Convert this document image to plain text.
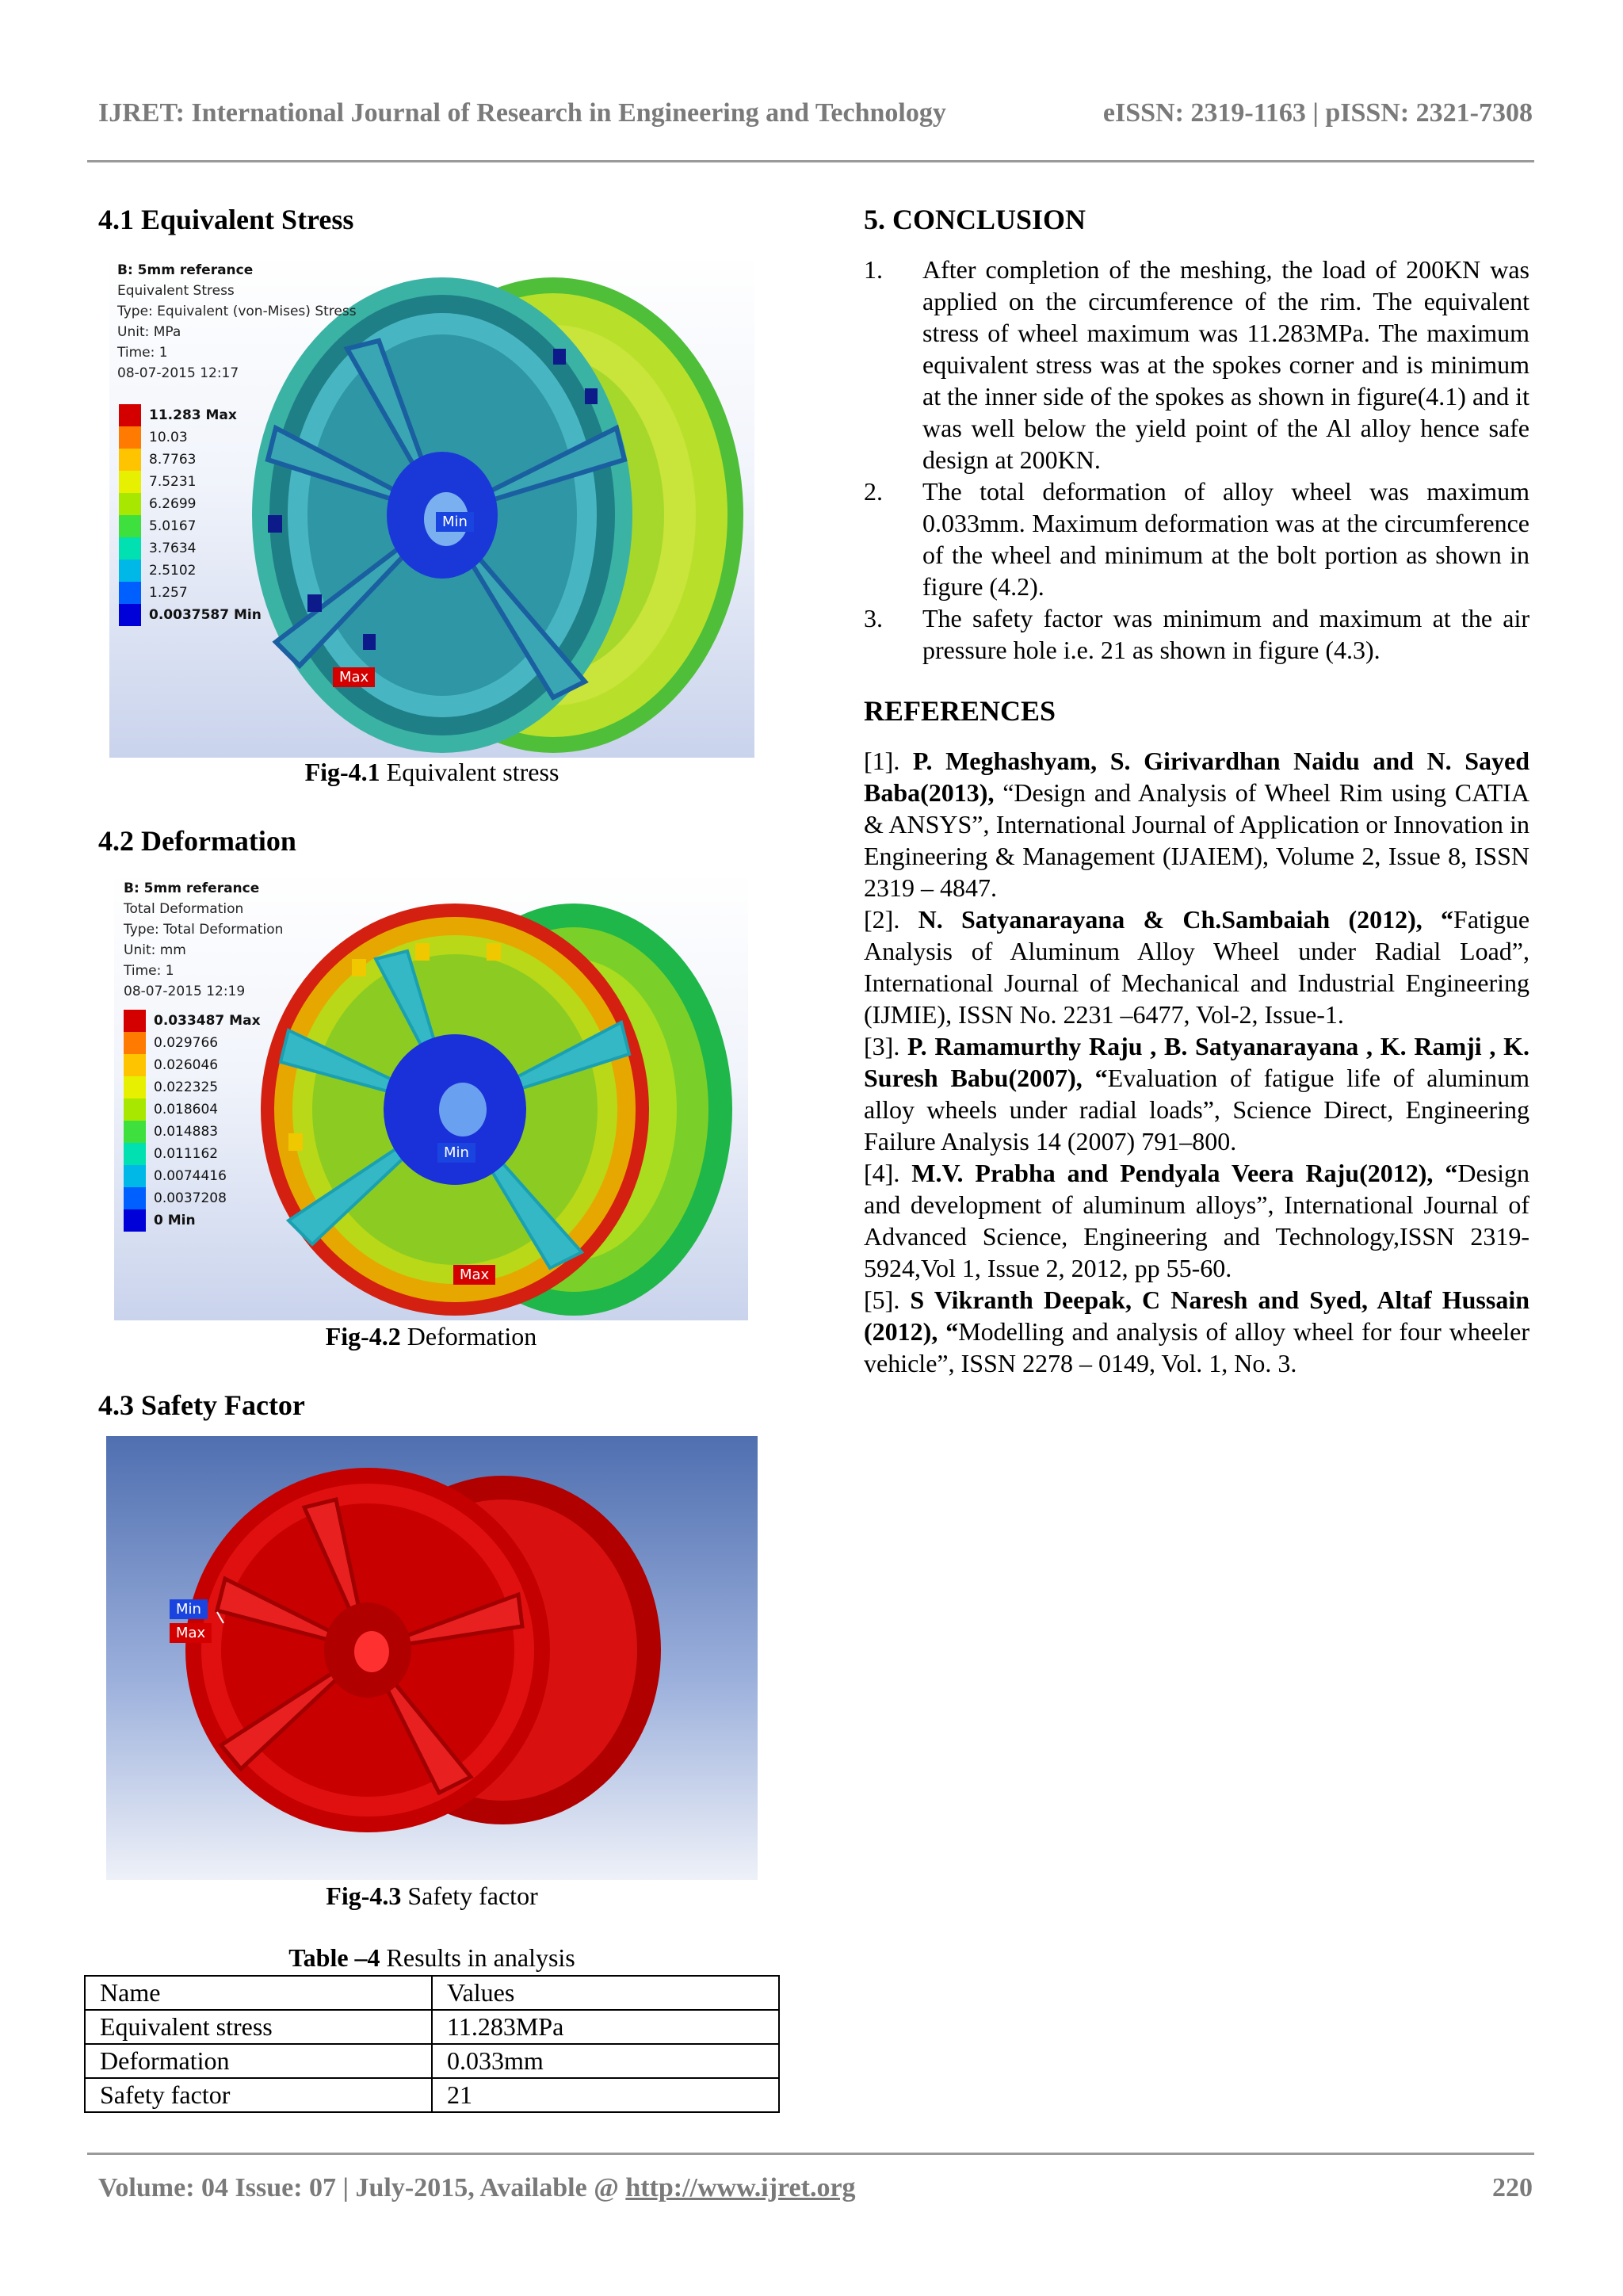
IJRET: International Journal of Research in Engineering and Technology	eISSN: 2319-1163 | pISSN: 2321-7308
4.1 Equivalent Stress
B: 5mm referance
Equivalent Stress
Type: Equivalent (von-Mises) Stress
Unit: MPa
Time: 1
08-07-2015 12:17
11.283 Max
10.03
8.7763
7.5231
6.2699
5.0167
3.7634
2.5102
1.257
0.0037587 Min
Min
Max
Fig-4.1 Equivalent stress
4.2 Deformation
B: 5mm referance
Total Deformation
Type: Total Deformation
Unit: mm
Time: 1
08-07-2015 12:19
0.033487 Max
0.029766
0.026046
0.022325
0.018604
0.014883
0.011162
0.0074416
0.0037208
0 Min
Min
Max
Fig-4.2 Deformation
4.3 Safety Factor
Min
Max
Fig-4.3 Safety factor
Table –4 Results in analysis
Name	Values
Equivalent stress	11.283MPa
Deformation	0.033mm
Safety factor	21
5. CONCLUSION
1.	After completion of the meshing, the load of 200KN was applied on the circumference of the rim. The equivalent stress of wheel maximum was 11.283MPa. The maximum equivalent stress was at the spokes corner and is minimum at the inner side of the spokes as shown in figure(4.1) and it was well below the yield point of the Al alloy hence safe design at 200KN.
2.	The total deformation of alloy wheel was maximum 0.033mm. Maximum deformation was at the circumference of the wheel and minimum at the bolt portion as shown in figure (4.2).
3.	The safety factor was minimum and maximum at the air pressure hole i.e. 21 as shown in figure (4.3).
REFERENCES

[1]. P. Meghashyam, S. Girivardhan Naidu and N. Sayed Baba(2013), “Design and Analysis of Wheel Rim using CATIA & ANSYS”, International Journal of Application or Innovation in Engineering & Management (IJAIEM), Volume 2, Issue 8, ISSN 2319 – 4847.

[2]. N. Satyanarayana & Ch.Sambaiah (2012), “Fatigue Analysis of Aluminum Alloy Wheel under Radial Load”, International Journal of Mechanical and Industrial Engineering (IJMIE), ISSN No. 2231 –6477, Vol-2, Issue-1.

[3]. P. Ramamurthy Raju , B. Satyanarayana , K. Ramji , K. Suresh Babu(2007), “Evaluation of fatigue life of aluminum alloy wheels under radial loads”, Science Direct, Engineering Failure Analysis 14 (2007) 791–800.

[4]. M.V. Prabha and Pendyala Veera Raju(2012), “Design and development of aluminum alloys”, International Journal of Advanced Science, Engineering and Technology,ISSN 2319-5924,Vol 1, Issue 2, 2012, pp 55-60.

[5]. S Vikranth Deepak, C Naresh and Syed, Altaf Hussain (2012), “Modelling and analysis of alloy wheel for four wheeler vehicle”, ISSN 2278 – 0149, Vol. 1, No. 3.

Volume: 04 Issue: 07 | July-2015, Available @ http://www.ijret.org	220
